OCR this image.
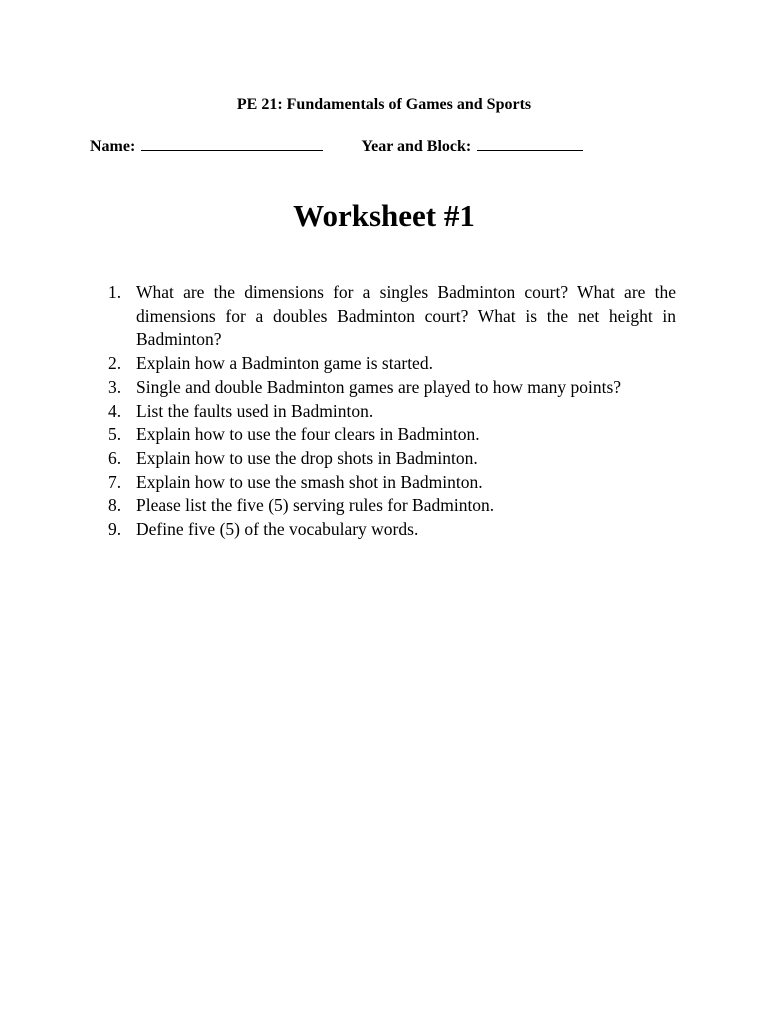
PE 21: Fundamentals of Games and Sports
Name:	Year and Block:
Worksheet #1
1. What are the dimensions for a singles Badminton court? What are the dimensions for a doubles Badminton court? What is the net height in Badminton?
2. Explain how a Badminton game is started.
3. Single and double Badminton games are played to how many points?
4. List the faults used in Badminton.
5. Explain how to use the four clears in Badminton.
6. Explain how to use the drop shots in Badminton.
7. Explain how to use the smash shot in Badminton.
8. Please list the five (5) serving rules for Badminton.
9. Define five (5) of the vocabulary words.
